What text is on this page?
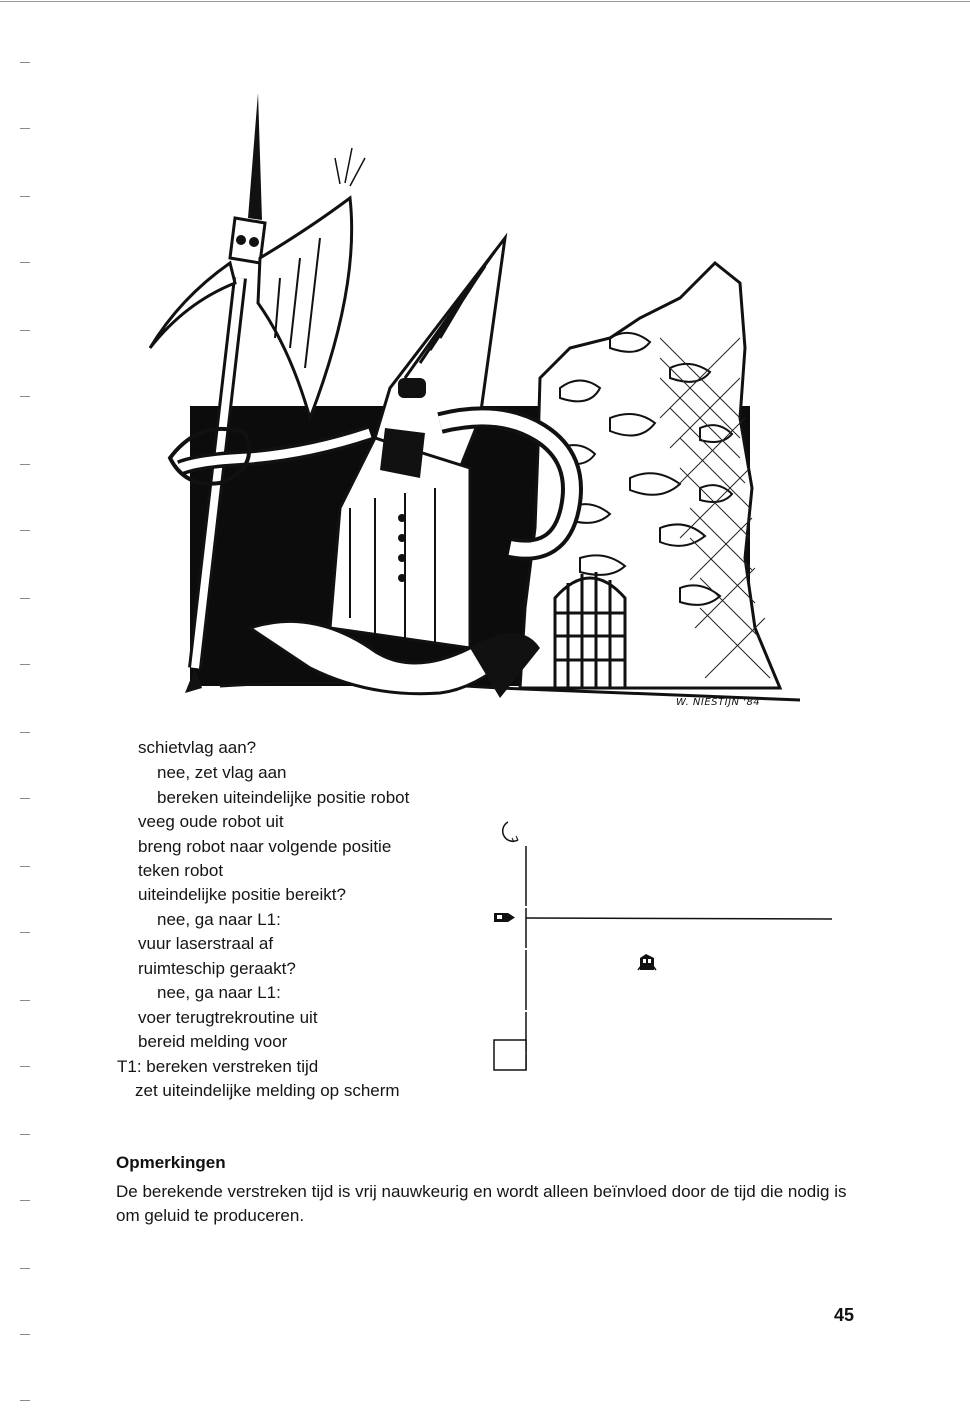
W. NIESTIJN '84
schietvlag aan?
nee, zet vlag aan
bereken uiteindelijke positie robot
veeg oude robot uit
breng robot naar volgende positie
teken robot
uiteindelijke positie bereikt?
nee, ga naar L1:
vuur laserstraal af
ruimteschip geraakt?
nee, ga naar L1:
voer terugtrekroutine uit
bereid melding voor
T1: bereken verstreken tijd
zet uiteindelijke melding op scherm
Opmerkingen
De berekende verstreken tijd is vrij nauwkeurig en wordt alleen beïnvloed door de tijd die nodig is om geluid te produceren.
45
